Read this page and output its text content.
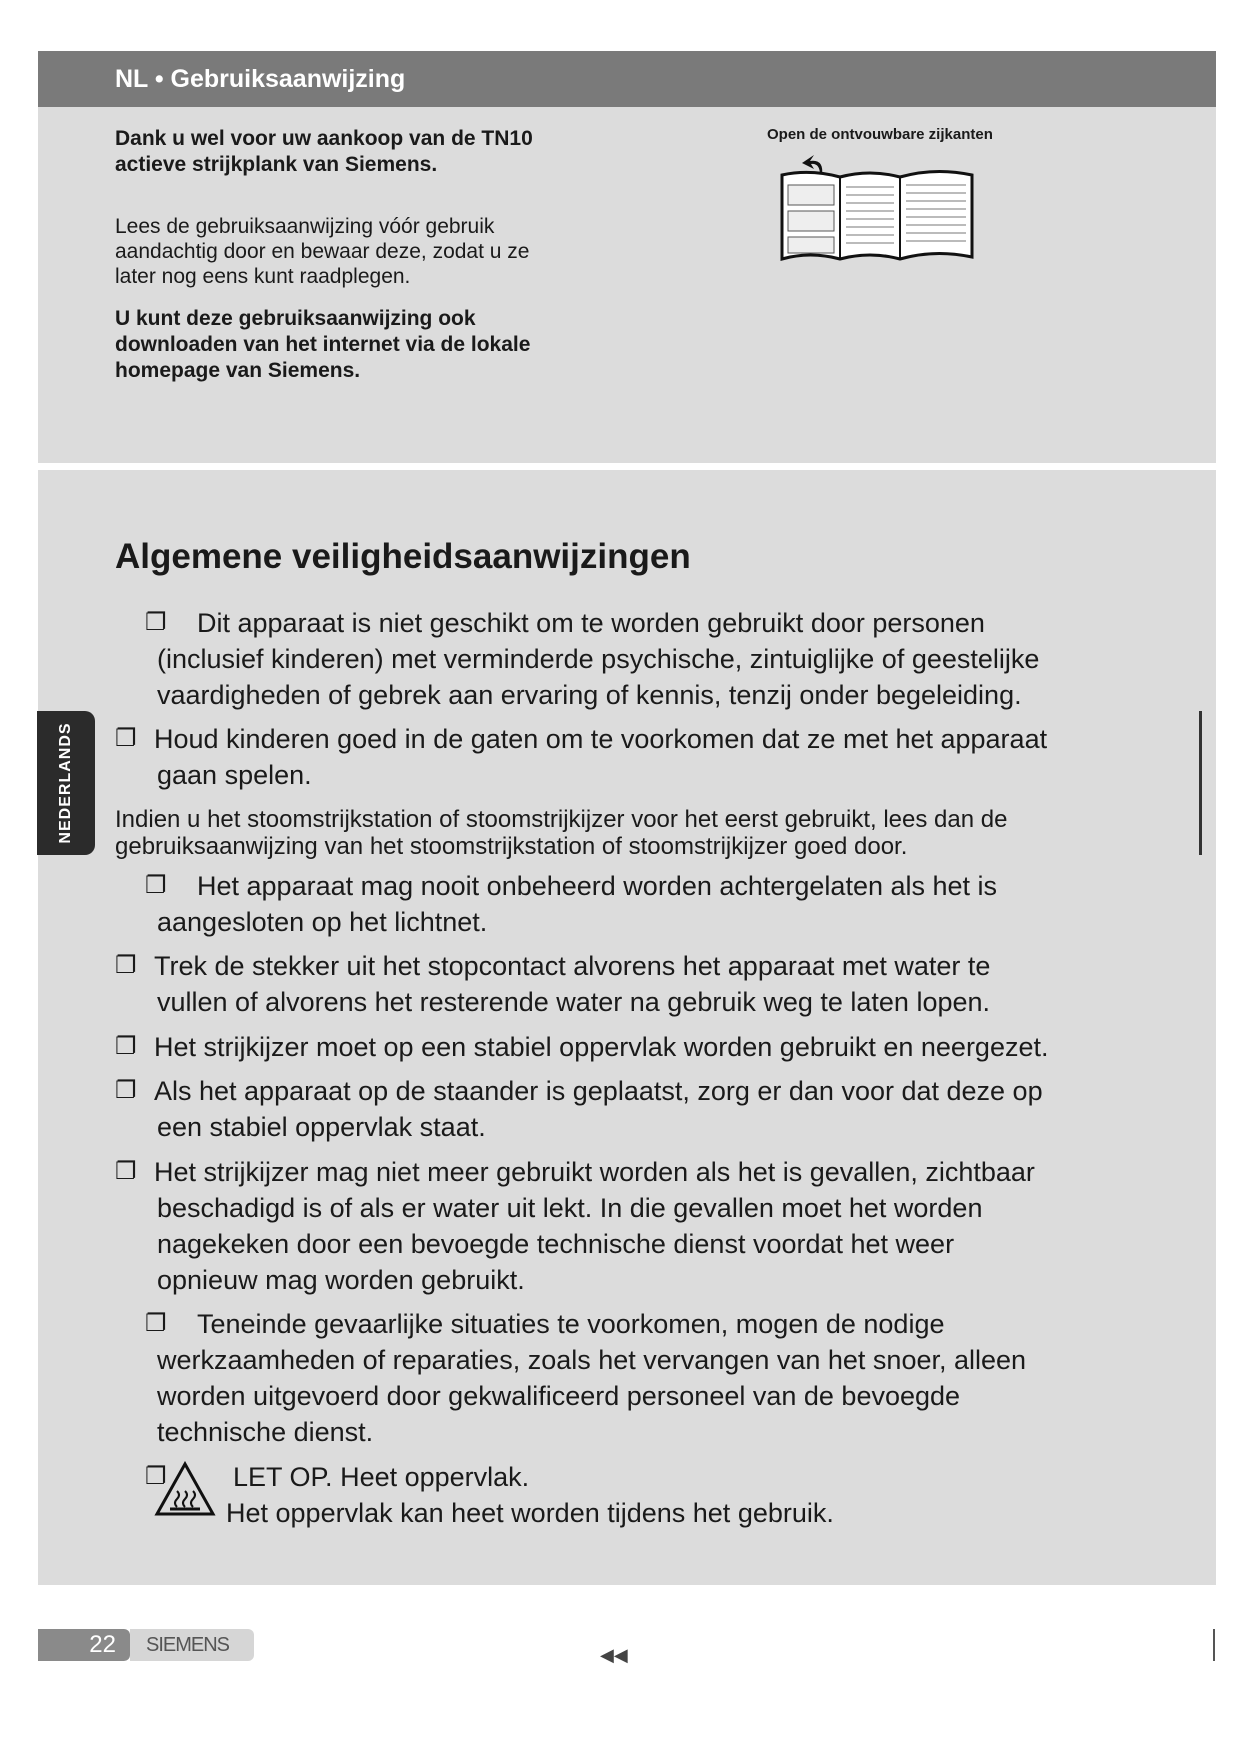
NL • Gebruiksaanwijzing
Dank u wel voor uw aankoop van de TN10
actieve strijkplank van Siemens.
Lees de gebruiksaanwijzing vóór gebruik
aandachtig door en bewaar deze, zodat u ze
later nog eens kunt raadplegen.
U kunt deze gebruiksaanwijzing ook
downloaden van het internet via de lokale
homepage van Siemens.
Open de ontvouwbare zijkanten
Algemene veiligheidsaanwijzingen
NEDERLANDS
❐	Dit apparaat is niet geschikt om te worden gebruikt door personen
(inclusief kinderen) met verminderde psychische, zintuiglijke of geestelijke
vaardigheden of gebrek aan ervaring of kennis, tenzij onder begeleiding.
❐ Houd kinderen goed in de gaten om te voorkomen dat ze met het apparaat
gaan spelen.
Indien u het stoomstrijkstation of stoomstrijkijzer voor het eerst gebruikt, lees dan de
gebruiksaanwijzing van het stoomstrijkstation of stoomstrijkijzer goed door.
❐	Het apparaat mag nooit onbeheerd worden achtergelaten als het is
aangesloten op het lichtnet.
❐ Trek de stekker uit het stopcontact alvorens het apparaat met water te
vullen of alvorens het resterende water na gebruik weg te laten lopen.
❐ Het strijkijzer moet op een stabiel oppervlak worden gebruikt en neergezet.
❐ Als het apparaat op de staander is geplaatst, zorg er dan voor dat deze op
een stabiel oppervlak staat.
❐ Het strijkijzer mag niet meer gebruikt worden als het is gevallen, zichtbaar
beschadigd is of als er water uit lekt. In die gevallen moet het worden
nagekeken door een bevoegde technische dienst voordat het weer
opnieuw mag worden gebruikt.
❐	Teneinde gevaarlijke situaties te voorkomen, mogen de nodige
werkzaamheden of reparaties, zoals het vervangen van het snoer, alleen
worden uitgevoerd door gekwalificeerd personeel van de bevoegde
technische dienst.
❐ LET OP. Heet oppervlak.
Het oppervlak kan heet worden tijdens het gebruik.
22	SIEMENS	◀◀
